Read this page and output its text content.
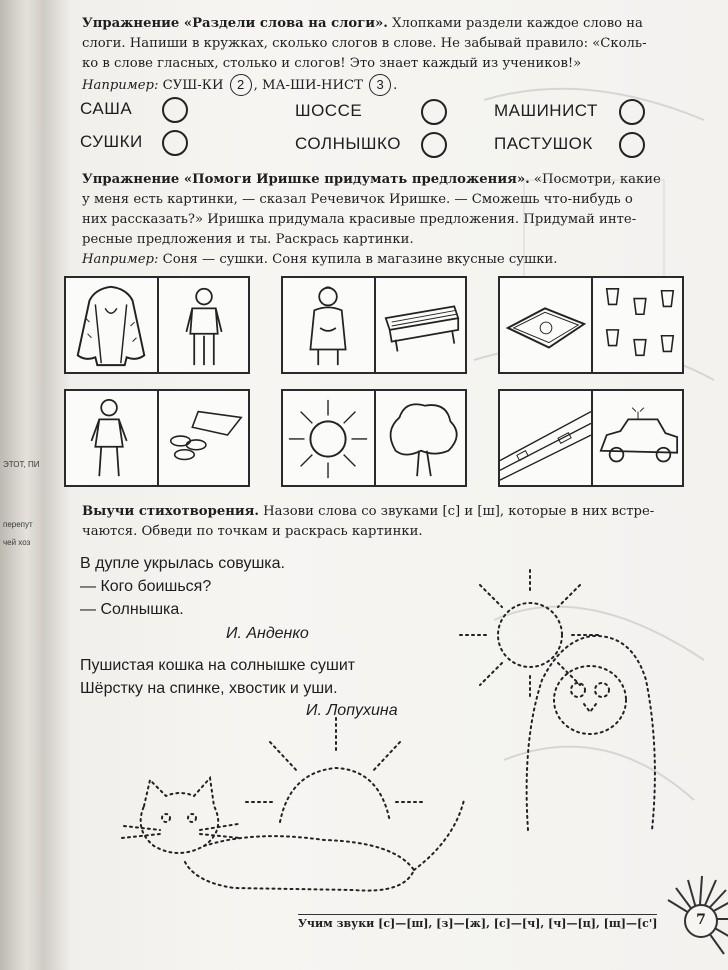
перепут
чей хоз
ЭТОТ, ПИ
Упражнение «Раздели слова на слоги». Хлопками раздели каждое слово на
слоги. Напиши в кружках, сколько слогов в слове. Не забывай правило: «Сколь-
ко в слове гласных, столько и слогов! Это знает каждый из учеников!»
Например: СУШ-КИ 2 , МА-ШИ-НИСТ 3 .
САША	ШОССЕ	МАШИНИСТ
СУШКИ	СОЛНЫШКО	ПАСТУШОК
Упражнение «Помоги Иришке придумать предложения». «Посмотри, какие
у меня есть картинки, — сказал Речевичок Иришке. — Сможешь что-нибудь о
них рассказать?» Иришка придумала красивые предложения. Придумай инте-
ресные предложения и ты. Раскрась картинки.
Например: Соня — сушки. Соня купила в магазине вкусные сушки.
Выучи стихотворения. Назови слова со звуками [с] и [ш], которые в них встре-
чаются. Обведи по точкам и раскрась картинки.
В дупле укрылась совушка.
— Кого боишься?
— Солнышка.
И. Анденко
Пушистая кошка на солнышке сушит
Шёрстку на спинке, хвостик и уши.
И. Лопухина
Учим звуки [с]—[ш], [з]—[ж], [с]—[ч], [ч]—[ц], [щ]—[с']	7
